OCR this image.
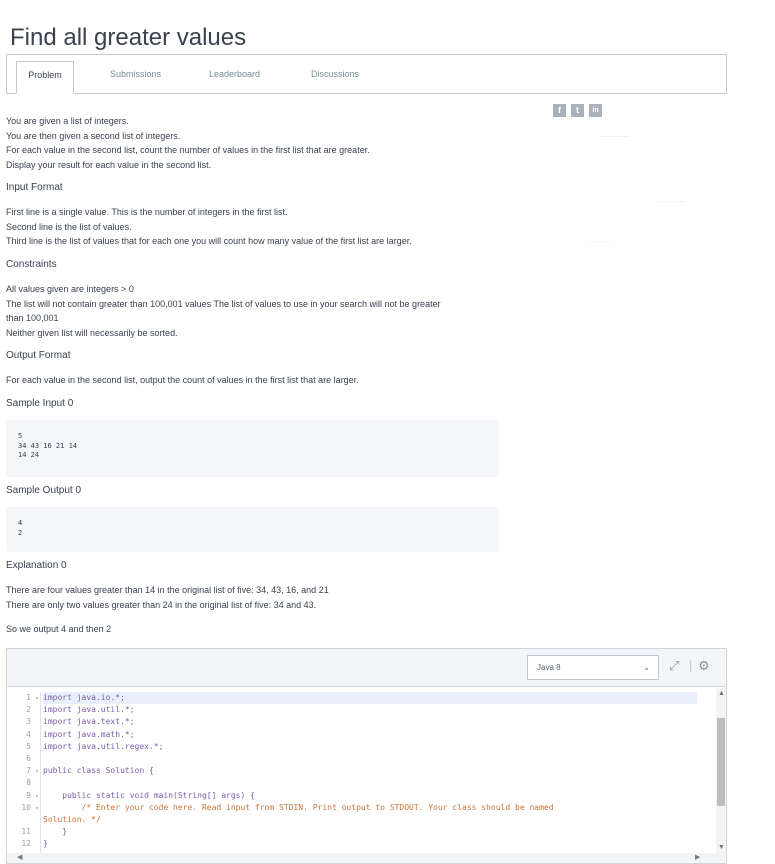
Find all greater values
Problem	Submissions	Leaderboard	Discussions
f	t	in
You are given a list of integers.
You are then given a second list of integers.
For each value in the second list, count the number of values in the first list that are greater.
Display your result for each value in the second list.
Input Format
First line is a single value. This is the number of integers in the first list.
Second line is the list of values.
Third line is the list of values that for each one you will count how many value of the first list are larger.
Constraints
All values given are integers > 0
The list will not contain greater than 100,001 values The list of values to use in your search will not be greater
than 100,001
Neither given list will necessarily be sorted.
Output Format
For each value in the second list, output the count of values in the first list that are larger.
Sample Input 0
5
34 43 16 21 14
14 24
Sample Output 0
4
2
Explanation 0
There are four values greater than 14 in the original list of five: 34, 43, 16, and 21
There are only two values greater than 24 in the original list of five: 34 and 43.
So we output 4 and then 2
Java 8	⌄ ⤢ | ⚙
1 ▾ import java.io.*;
2 import java.util.*;
3 import java.text.*;
4 import java.math.*;
5 import java.util.regex.*;
6
7 ▾ public class Solution {
8
9 ▾ public static void main(String[] args) {
10 ▾ /* Enter your code here. Read input from STDIN. Print output to STDOUT. Your class should be named
Solution. */
11 }
12 }
▲
▼
◀	▶
